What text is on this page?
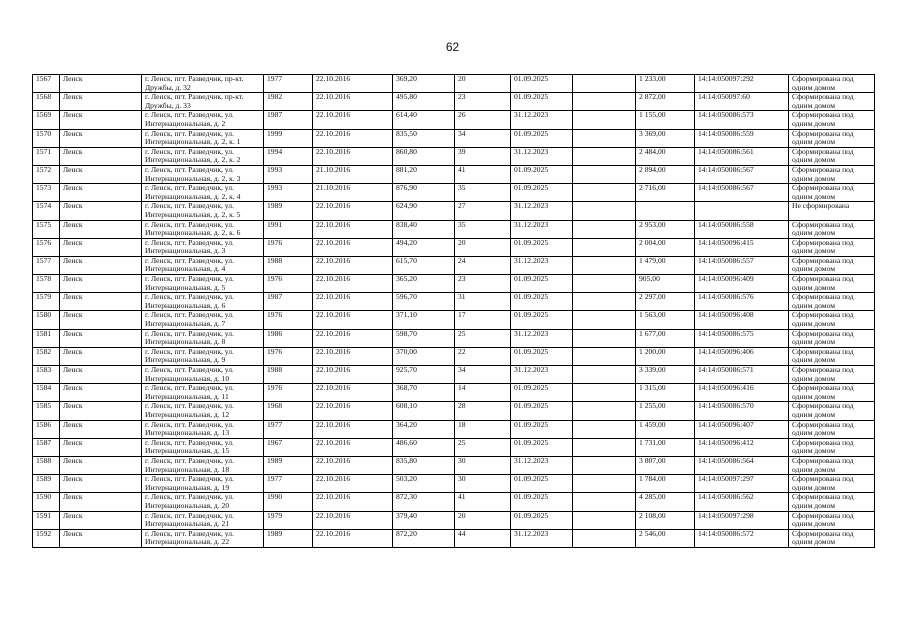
62
1567	Ленск	г. Ленск, пгт. Разведчик, пр-кт. Дружбы, д. 32	1977	22.10.2016	369,20	20	01.09.2025		1 233,00	14:14:050097:292	Сформирована под одним домом
1568	Ленск	г. Ленск, пгт. Разведчик, пр-кт. Дружбы, д. 33	1982	22.10.2016	495,80	23	01.09.2025		2 872,00	14:14:050097:60	Сформирована под одним домом
1569	Ленск	г. Ленск, пгт. Разведчик, ул. Интернациональная, д. 2	1987	22.10.2016	614,40	26	31.12.2023		1 155,00	14:14:050086:573	Сформирована под одним домом
1570	Ленск	г. Ленск, пгт. Разведчик, ул. Интернациональная, д. 2, к. 1	1999	22.10.2016	835,50	34	01.09.2025		3 369,00	14:14:050086:559	Сформирована под одним домом
1571	Ленск	г. Ленск, пгт. Разведчик, ул. Интернациональная, д. 2, к. 2	1994	22.10.2016	860,80	39	31.12.2023		2 484,00	14:14:050086:561	Сформирована под одним домом
1572	Ленск	г. Ленск, пгт. Разведчик, ул. Интернациональная, д. 2, к. 3	1993	21.10.2016	881,20	41	01.09.2025		2 894,00	14:14:050086:567	Сформирована под одним домом
1573	Ленск	г. Ленск, пгт. Разведчик, ул. Интернациональная, д. 2, к. 4	1993	21.10.2016	876,90	35	01.09.2025		2 716,00	14:14:050086:567	Сформирована под одним домом
1574	Ленск	г. Ленск, пгт. Разведчик, ул. Интернациональная, д. 2, к. 5	1989	22.10.2016	624,90	27	31.12.2023				Не сформирована
1575	Ленск	г. Ленск, пгт. Разведчик, ул. Интернациональная, д. 2, к. 6	1991	22.10.2016	838,40	35	31.12.2023		2 953,00	14:14:050086:558	Сформирована под одним домом
1576	Ленск	г. Ленск, пгт. Разведчик, ул. Интернациональная, д. 3	1976	22.10.2016	494,20	20	01.09.2025		2 004,00	14:14:050096:415	Сформирована под одним домом
1577	Ленск	г. Ленск, пгт. Разведчик, ул. Интернациональная, д. 4	1988	22.10.2016	615,70	24	31.12.2023		1 479,00	14:14:050086:557	Сформирована под одним домом
1578	Ленск	г. Ленск, пгт. Разведчик, ул. Интернациональная, д. 5	1976	22.10.2016	365,20	23	01.09.2025		905,00	14:14:050096:409	Сформирована под одним домом
1579	Ленск	г. Ленск, пгт. Разведчик, ул. Интернациональная, д. 6	1987	22.10.2016	596,70	31	01.09.2025		2 297,00	14:14:050086:576	Сформирована под одним домом
1580	Ленск	г. Ленск, пгт. Разведчик, ул. Интернациональная, д. 7	1976	22.10.2016	371,10	17	01.09.2025		1 563,00	14:14:050096:408	Сформирована под одним домом
1581	Ленск	г. Ленск, пгт. Разведчик, ул. Интернациональная, д. 8	1986	22.10.2016	598,70	25	31.12.2023		1 677,00	14:14:050086:575	Сформирована под одним домом
1582	Ленск	г. Ленск, пгт. Разведчик, ул. Интернациональная, д. 9	1976	22.10.2016	370,00	22	01.09.2025		1 200,00	14:14:050096:406	Сформирована под одним домом
1583	Ленск	г. Ленск, пгт. Разведчик, ул. Интернациональная, д. 10	1988	22.10.2016	925,70	34	31.12.2023		3 339,00	14:14:050086:571	Сформирована под одним домом
1584	Ленск	г. Ленск, пгт. Разведчик, ул. Интернациональная, д. 11	1976	22.10.2016	368,70	14	01.09.2025		1 315,00	14:14:050096:416	Сформирована под одним домом
1585	Ленск	г. Ленск, пгт. Разведчик, ул. Интернациональная, д. 12	1968	22.10.2016	608,10	28	01.09.2025		1 255,00	14:14:050086:570	Сформирована под одним домом
1586	Ленск	г. Ленск, пгт. Разведчик, ул. Интернациональная, д. 13	1977	22.10.2016	364,20	18	01.09.2025		1 459,00	14:14:050096:407	Сформирована под одним домом
1587	Ленск	г. Ленск, пгт. Разведчик, ул. Интернациональная, д. 15	1967	22.10.2016	486,60	25	01.09.2025		1 731,00	14:14:050096:412	Сформирована под одним домом
1588	Ленск	г. Ленск, пгт. Разведчик, ул. Интернациональная, д. 18	1989	22.10.2016	835,80	30	31.12.2023		3 807,00	14:14:050086:564	Сформирована под одним домом
1589	Ленск	г. Ленск, пгт. Разведчик, ул. Интернациональная, д. 19	1977	22.10.2016	503,20	30	01.09.2025		1 784,00	14:14:050097:297	Сформирована под одним домом
1590	Ленск	г. Ленск, пгт. Разведчик, ул. Интернациональная, д. 20	1990	22.10.2016	872,30	41	01.09.2025		4 285,00	14:14:050086:562	Сформирована под одним домом
1591	Ленск	г. Ленск, пгт. Разведчик, ул. Интернациональная, д. 21	1979	22.10.2016	379,40	20	01.09.2025		2 108,00	14:14:050097:298	Сформирована под одним домом
1592	Ленск	г. Ленск, пгт. Разведчик, ул. Интернациональная, д. 22	1989	22.10.2016	872,20	44	31.12.2023		2 546,00	14:14:050086:572	Сформирована под одним домом
